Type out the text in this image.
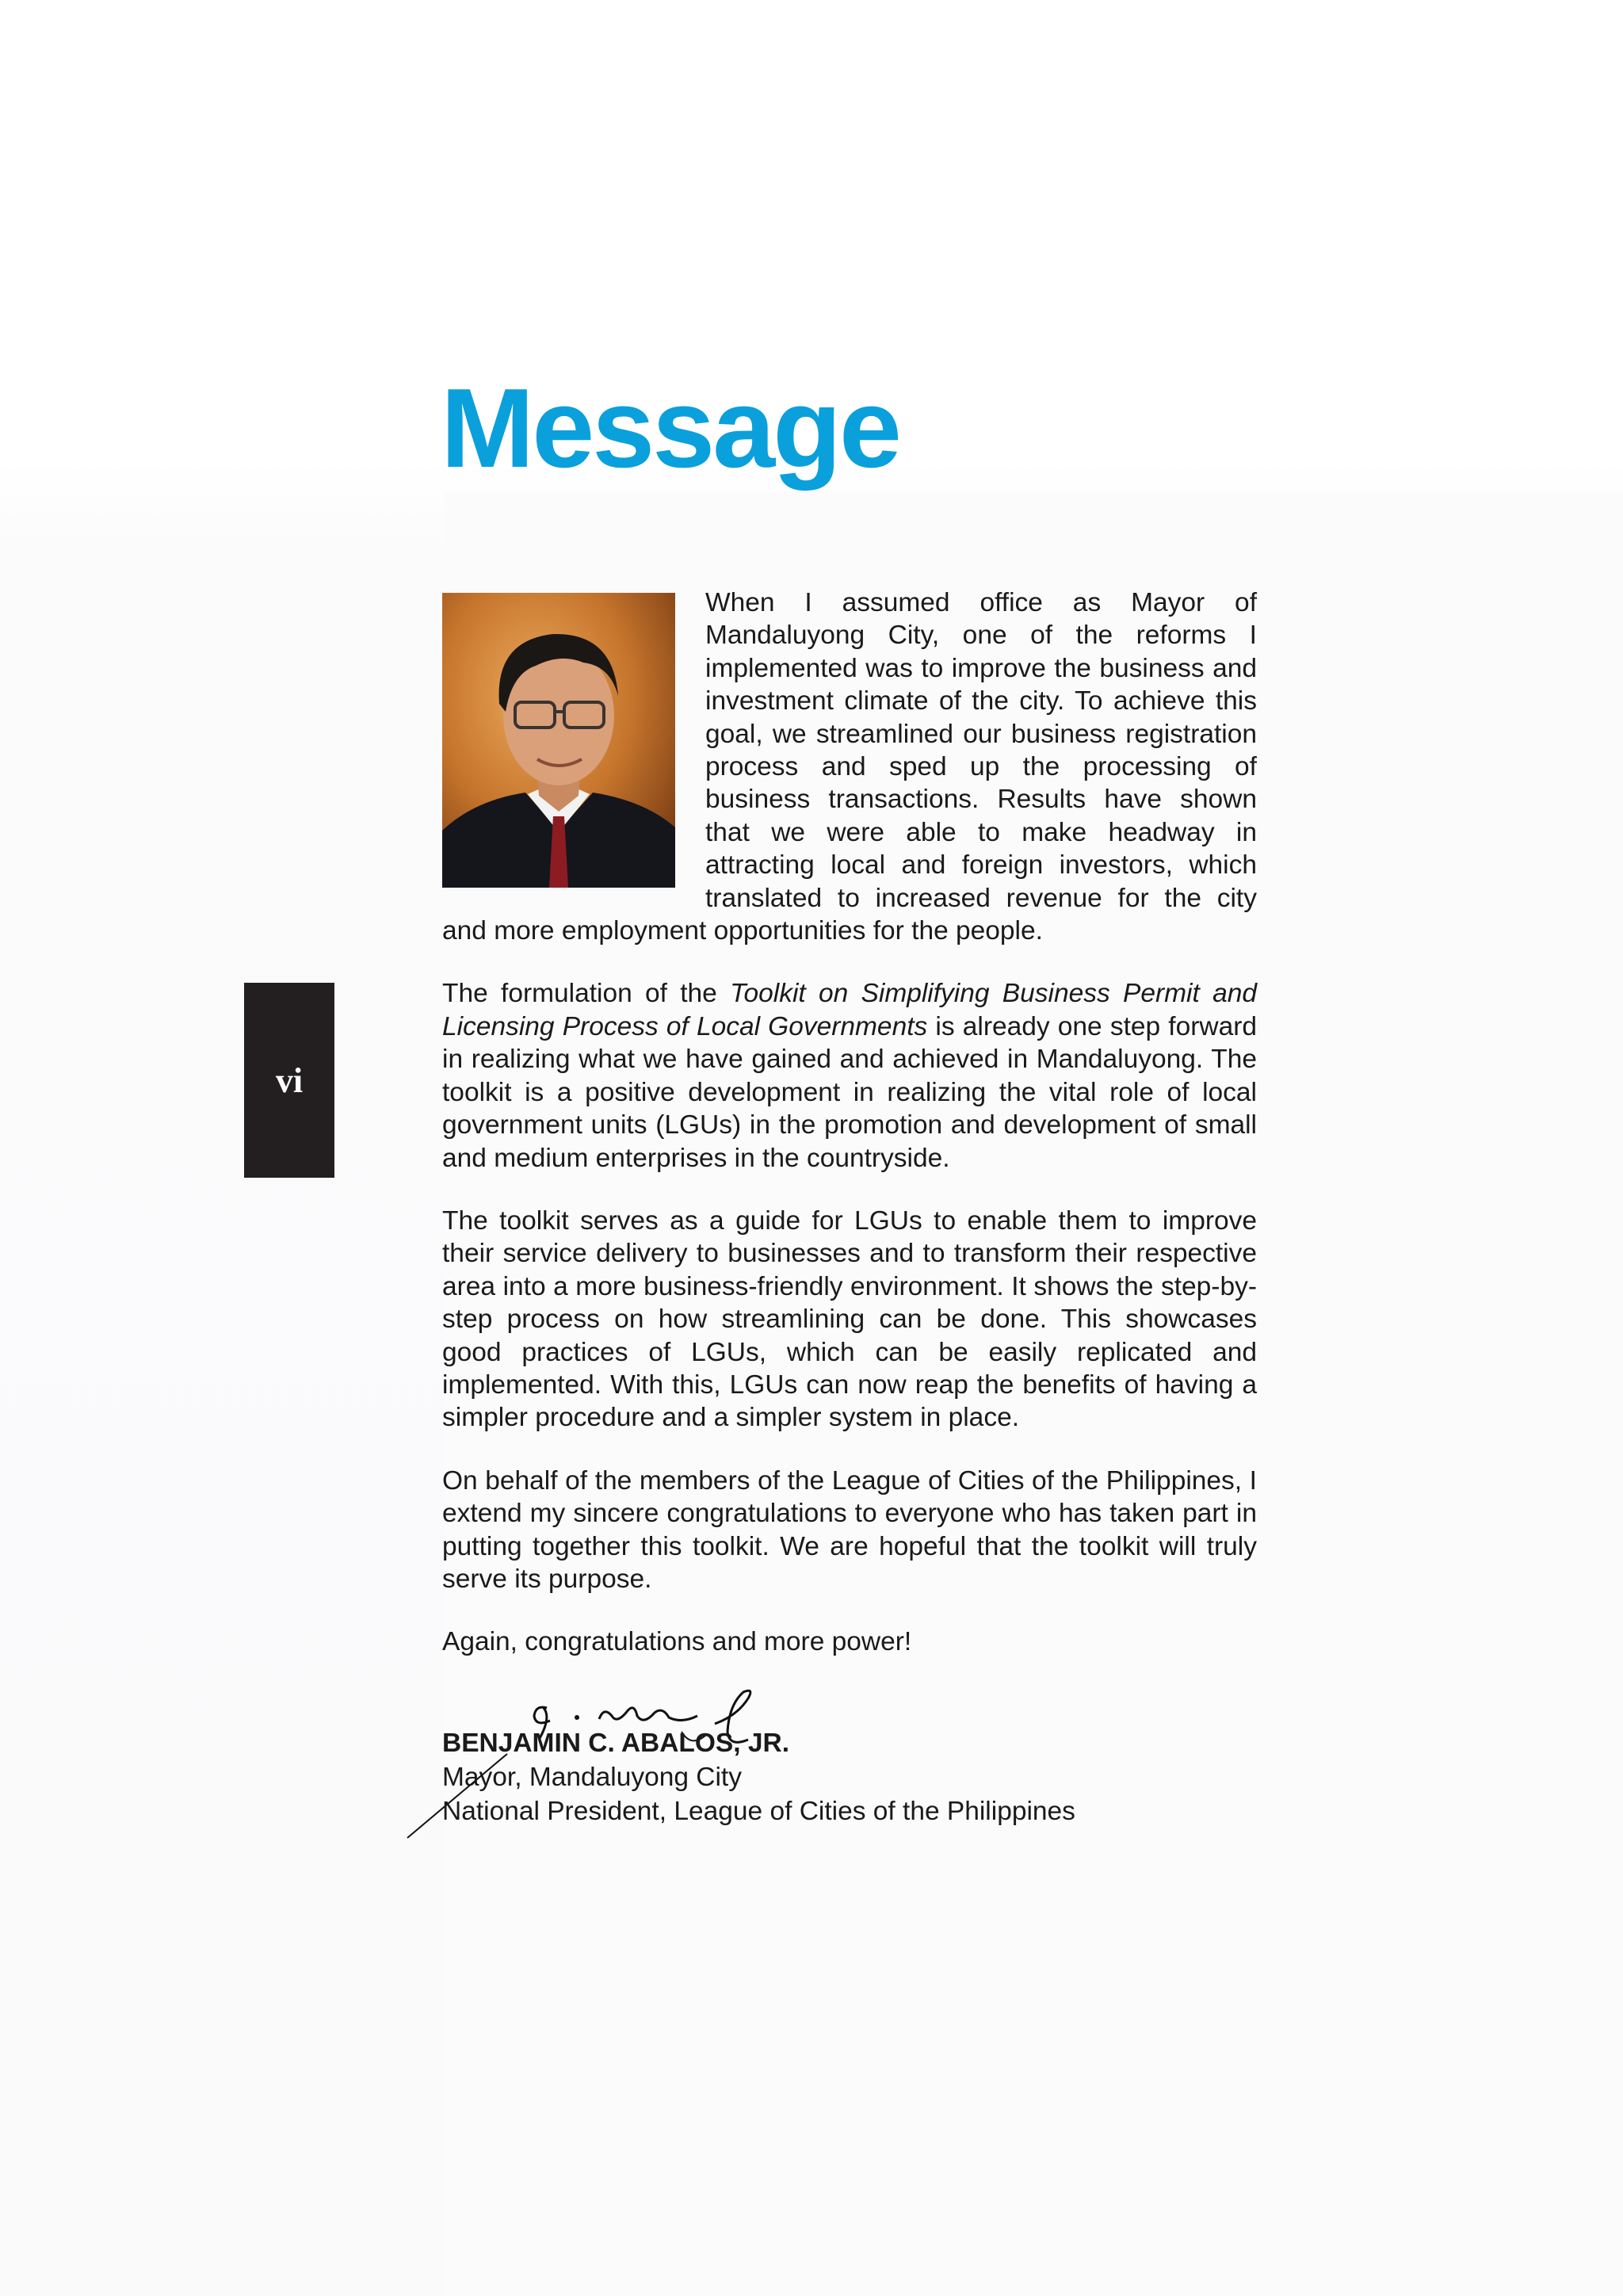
Message
vi

When I assumed office as Mayor of Mandaluyong City, one of the reforms I implemented was to improve the business and investment climate of the city. To achieve this goal, we streamlined our business registration process and sped up the processing of business transactions. Results have shown that we were able to make headway in attracting local and foreign investors, which translated to increased revenue for the city and more employment opportunities for the people.

The formulation of the Toolkit on Simplifying Business Permit and Licensing Process of Local Governments is already one step forward in realizing what we have gained and achieved in Mandaluyong. The toolkit is a positive development in realizing the vital role of local government units (LGUs) in the promotion and development of small and medium enterprises in the countryside.

The toolkit serves as a guide for LGUs to enable them to improve their service delivery to businesses and to transform their respective area into a more business-friendly environment. It shows the step-by-step process on how streamlining can be done. This showcases good practices of LGUs, which can be easily replicated and implemented. With this, LGUs can now reap the benefits of having a simpler procedure and a simpler system in place.

On behalf of the members of the League of Cities of the Philippines, I extend my sincere congratulations to everyone who has taken part in putting together this toolkit. We are hopeful that the toolkit will truly serve its purpose.

Again, congratulations and more power!

BENJAMIN C. ABALOS, JR.
Mayor, Mandaluyong City
National President, League of Cities of the Philippines
